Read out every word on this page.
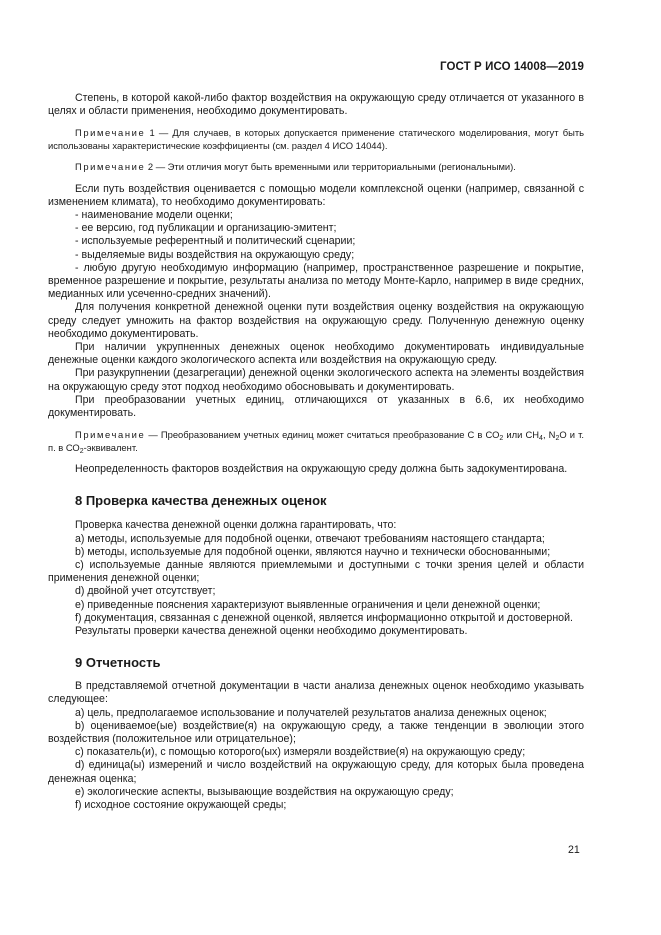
ГОСТ Р ИСО 14008—2019

Степень, в которой какой-либо фактор воздействия на окружающую среду отличается от указанного в целях и области применения, необходимо документировать.

Примечание 1 — Для случаев, в которых допускается применение статического моделирования, могут быть использованы характеристические коэффициенты (см. раздел 4 ИСО 14044).

Примечание 2 — Эти отличия могут быть временными или территориальными (региональными).

Если путь воздействия оценивается с помощью модели комплексной оценки (например, связанной с изменением климата), то необходимо документировать:

- наименование модели оценки;

- ее версию, год публикации и организацию-эмитент;

- используемые референтный и политический сценарии;

- выделяемые виды воздействия на окружающую среду;

- любую другую необходимую информацию (например, пространственное разрешение и покрытие, временное разрешение и покрытие, результаты анализа по методу Монте-Карло, например в виде средних, медианных или усеченно-средних значений).

Для получения конкретной денежной оценки пути воздействия оценку воздействия на окружающую среду следует умножить на фактор воздействия на окружающую среду. Полученную денежную оценку необходимо документировать.

При наличии укрупненных денежных оценок необходимо документировать индивидуальные денежные оценки каждого экологического аспекта или воздействия на окружающую среду.

При разукрупнении (дезагрегации) денежной оценки экологического аспекта на элементы воздействия на окружающую среду этот подход необходимо обосновывать и документировать.

При преобразовании учетных единиц, отличающихся от указанных в 6.6, их необходимо документировать.

Примечание — Преобразованием учетных единиц может считаться преобразование С в $СО_2$ или $СН_4$, $N_2O$ и т. п. в $СО_2$-эквивалент.

Неопределенность факторов воздействия на окружающую среду должна быть задокументирована.

8 Проверка качества денежных оценок

Проверка качества денежной оценки должна гарантировать, что:

a) методы, используемые для подобной оценки, отвечают требованиям настоящего стандарта;

b) методы, используемые для подобной оценки, являются научно и технически обоснованными;

c) используемые данные являются приемлемыми и доступными с точки зрения целей и области применения денежной оценки;

d) двойной учет отсутствует;

e) приведенные пояснения характеризуют выявленные ограничения и цели денежной оценки;

f) документация, связанная с денежной оценкой, является информационно открытой и достоверной.

Результаты проверки качества денежной оценки необходимо документировать.

9 Отчетность

В представляемой отчетной документации в части анализа денежных оценок необходимо указывать следующее:

a) цель, предполагаемое использование и получателей результатов анализа денежных оценок;

b) оцениваемое(ые) воздействие(я) на окружающую среду, а также тенденции в эволюции этого воздействия (положительное или отрицательное);

c) показатель(и), с помощью которого(ых) измеряли воздействие(я) на окружающую среду;

d) единица(ы) измерений и число воздействий на окружающую среду, для которых была проведена денежная оценка;

e) экологические аспекты, вызывающие воздействия на окружающую среду;

f) исходное состояние окружающей среды;

21
